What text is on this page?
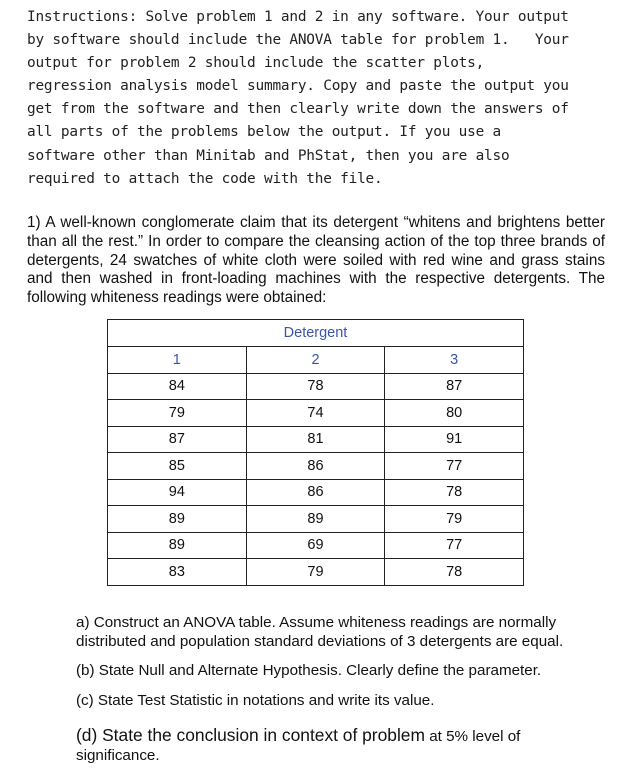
Instructions: Solve problem 1 and 2 in any software. Your output
by software should include the ANOVA table for problem 1.   Your
output for problem 2 should include the scatter plots,
regression analysis model summary. Copy and paste the output you
get from the software and then clearly write down the answers of
all parts of the problems below the output. If you use a
software other than Minitab and PhStat, then you are also
required to attach the code with the file.

1) A well-known conglomerate claim that its detergent “whitens and brightens better than all the rest.” In order to compare the cleansing action of the top three brands of detergents, 24 swatches of white cloth were soiled with red wine and grass stains and then washed in front-loading machines with the respective detergents. The following whiteness readings were obtained:

Detergent		
1	2	3
84	78	87
79	74	80
87	81	91
85	86	77
94	86	78
89	89	79
89	69	77
83	79	78

a) Construct an ANOVA table. Assume whiteness readings are normally distributed and population standard deviations of 3 detergents are equal.

(b) State Null and Alternate Hypothesis. Clearly define the parameter.

(c) State Test Statistic in notations and write its value.

(d) State the conclusion in context of problem at 5% level of significance.
